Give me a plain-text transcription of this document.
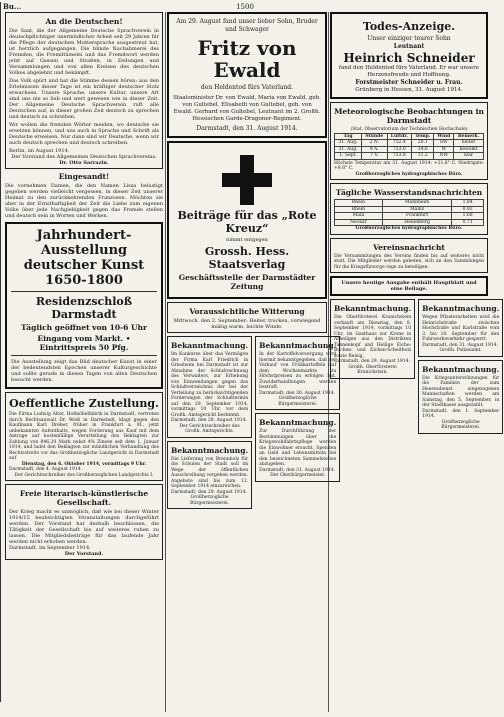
1500
An die Deutschen!
Die Saat, die der Allgemeine Deutsche Sprachverein in deutschpflichtiger unermüdlicher Arbeit seit 29 Jahren für die Pflege der deutschen Muttersprache ausgestreut hat, ist herrlich aufgegangen. Die blinde Nachahmerei des Fremden, die Fremdtümelei und das Fremdwort werden jetzt auf Gassen und Straßen, in Zeitungen und Versammlungen und von allen Kreisen des deutschen Volkes abgelehnt und bekämpft.
Das Volk spürt und hat die Stimme dessen hören: aus den Erlebnissen dieser Tage ist ein kräftiger deutscher Stolz erwachsen. Unsere Sprache, unsere Kultur, unsere Art sind uns nie so lieb und wert gewesen wie in dieser Zeit. Der Allgemeine Deutsche Sprachverein ruft alle Deutschen auf, in dieser großen Zeit deutsch zu sprechen und deutsch zu schreiben.
Wir wollen die fremden Wörter meiden, wo deutsche sie ersetzen können, und uns auch in Sprache und Schrift als Deutsche erweisen. Nur dann sind wir Deutsche, wenn wir auch deutsch sprechen und deutsch schreiben.
Berlin, im August 1914.
Der Vorstand des Allgemeinen Deutschen Sprachvereins.
Dr. Otto Sarrazin.
Eingesandt!
Die vornehmen Damen, die den Namen Lissa belustigt gegeben werden vielleicht vergessen, in dieser Zeit unserer Heimat zu den zurückkehrenden Franzosen. Möchten sie aber in der Ernsthaftigkeit der Zeit die Liebe zum eigenen Volke über jede Nachgiebigkeit gegen das Fremde stellen und deutsch sein in Worten und Werken.
Jahrhundert-Ausstellung deutscher Kunst 1650-1800
Residenzschloß Darmstadt
Täglich geöffnet von 10-6 Uhr
Eingang vom Markt. • Eintrittspreis 50 Pfg.
Die Ausstellung zeigt das Bild deutscher Kunst in einer der bedeutendsten Epochen unserer Kulturgeschichte und sollte gerade in diesen Tagen von allen Deutschen besucht werden.
Oeffentliche Zustellung.
Die Firma Ludwig Alter, Hofmöbelfabrik in Darmstadt, vertreten durch Rechtsanwalt Dr. Weiß in Darmstadt, klagt gegen den Kaufmann Karl Dreher, früher in Frankfurt a. M., jetzt unbekannten Aufenthalts, wegen Forderung aus Kauf mit dem Antrage auf kostenfällige Verurteilung des Beklagten zur Zahlung von 846,20 Mark nebst 4% Zinsen seit dem 1. Januar 1914, und ladet den Beklagten zur mündlichen Verhandlung des Rechtsstreits vor das Großherzogliche Landgericht in Darmstadt auf
Dienstag, den 6. Oktober 1914, vormittags 9 Uhr.
Darmstadt, den 4. August 1914.
Der Gerichtsschreiber des Großherzoglichen Landgerichts I.
Freie literarisch-künstlerische Gesellschaft.
Der Krieg macht es unmöglich, daß wie bei dieser Winter 1914/15 beabsichtigten Veranstaltungen durchgeführt werden. Der Vorstand hat deshalb beschlossen, die Tätigkeit der Gesellschaft bis auf weiteres ruhen zu lassen. Die Mitgliedsbeiträge für das laufende Jahr werden nicht erhoben werden.
Darmstadt, im September 1914.
Der Vorstand.
Am 29. August fand unser lieber Sohn, Bruder und Schwager
Fritz von Ewald
den Heldentod fürs Vaterland.
Staatsminister Dr. von Ewald, Maria von Ewald, geb. von Gultebel. Elisabeth von Gultebel, geb. von Ewald. Gerhard von Gultebel, Leutnant im 2. Großh. Hessischen Garde-Dragoner-Regiment.
Darmstadt, den 31. August 1914.
Beiträge für das „Rote Kreuz“
nimmt entgegen
Grossh. Hess. Staatsverlag
Geschäftsstelle der Darmstädter Zeitung
Voraussichtliche Witterung
Mittwoch, den 2. September: Heiter, trocken, vorwiegend mäßig warm, leichte Winde.
Bekanntmachung.
Im Konkurse über das Vermögen der Firma Karl Friedrich in Griesheim bei Darmstadt ist zur Abnahme der Schlußrechnung des Verwalters, zur Erhebung von Einwendungen gegen das Schlußverzeichnis der bei der Verteilung zu berücksichtigenden Forderungen der Schlußtermin auf den 29. September 1914, vormittags 10 Uhr, vor dem Großh. Amtsgericht bestimmt.
Darmstadt, den 28. August 1914.
Der Gerichtsschreiber des Großh. Amtsgerichts.
Bekanntmachung.
Die Lieferung von Brennholz für die Schulen der Stadt soll im Wege der öffentlichen Ausschreibung vergeben werden. Angebote sind bis zum 12. September 1914 einzureichen.
Darmstadt, den 29. August 1914.
Großherzogliche Bürgermeisterei.
Bekanntmachung.
In der Kartoffelversorgung wird hiermit bekanntgegeben, daß der Verkauf von Frühkartoffeln auf dem Wochenmarkte zu Höchstpreisen zu erfolgen hat. Zuwiderhandlungen werden bestraft.
Darmstadt, den 30. August 1914.
Großherzogliche Bürgermeisterei.
Bekanntmachung.
Zur Durchführung der Bestimmungen über die Kriegswohlfahrtspflege werden die Einwohner ersucht, Spenden an Geld und Lebensmitteln bei den bezeichneten Sammelstellen abzugeben.
Darmstadt, den 31. August 1914.
Der Oberbürgermeister.
Todes-Anzeige.
Unser einziger teurer Sohn
Leutnant
Heinrich Schneider
fand den Heldentod fürs Vaterland. Er war unsere Herzensfreude und Hoffnung.
Forstmeister Schneider u. Frau.
Grünberg in Hessen, 31. August 1914.
Meteorologische Beobachtungen in Darmstadt
(Stat. Observatorium der Technischen Hochschule)
Tag	Stunde	Luftdr.	Temp.	Wind	Bemerk.
31. Aug.	2 N.	752.4	20.1	SW	heiter
31. Aug.	9 A.	753.0	14.6	W	bewölkt
1. Sept.	7 V.	753.8	11.2	NW	klar
Höchste Temperatur am 31. August 1914: +21.6° C. Niedrigste: +9.8° C.
Großherzogliches hydrographisches Büro.
Tägliche Wasserstandsnachrichten
Rhein	Mannheim	1.84
Rhein	Mainz	0.92
Main	Frankfurt	1.68
Neckar	Heidelberg	0.71
Großherzogliches hydrographisches Büro.
Vereinsnachricht
Die Versammlungen des Vereins finden bis auf weiteres nicht statt. Die Mitglieder werden gebeten, sich an den Sammlungen für die Kriegsfürsorge rege zu beteiligen.
Unsere heutige Ausgabe enthält Hauptblatt und eine Beilage.
Bekanntmachung.
Die Oberförsterei Kranichstein verkauft am Dienstag, den 8. September 1914, vormittags 10 Uhr, im Gasthaus zur Krone in Arheilgen aus den Distrikten Tannenkopf und Heilige Eiche: Buchen- und Eichen-Scheitholz sowie Reisig.
Darmstadt, den 29. August 1914.
Großh. Oberförsterei Kranichstein.
Bekanntmachung.
Wegen Pflasterarbeiten wird die Heinrichstraße zwischen Hochstraße und Karlstraße vom 3. bis 10. September für den Fuhrwerksverkehr gesperrt.
Darmstadt, den 31. August 1914.
Großh. Polizeiamt.
Bekanntmachung.
Die Kriegsunterstützungen für die Familien der zum Heeresdienst eingezogenen Mannschaften werden am Samstag, den 5. September, in der Stadtkasse ausgezahlt.
Darmstadt, den 1. September 1914.
Großherzogliche Bürgermeisterei.
Bu...
